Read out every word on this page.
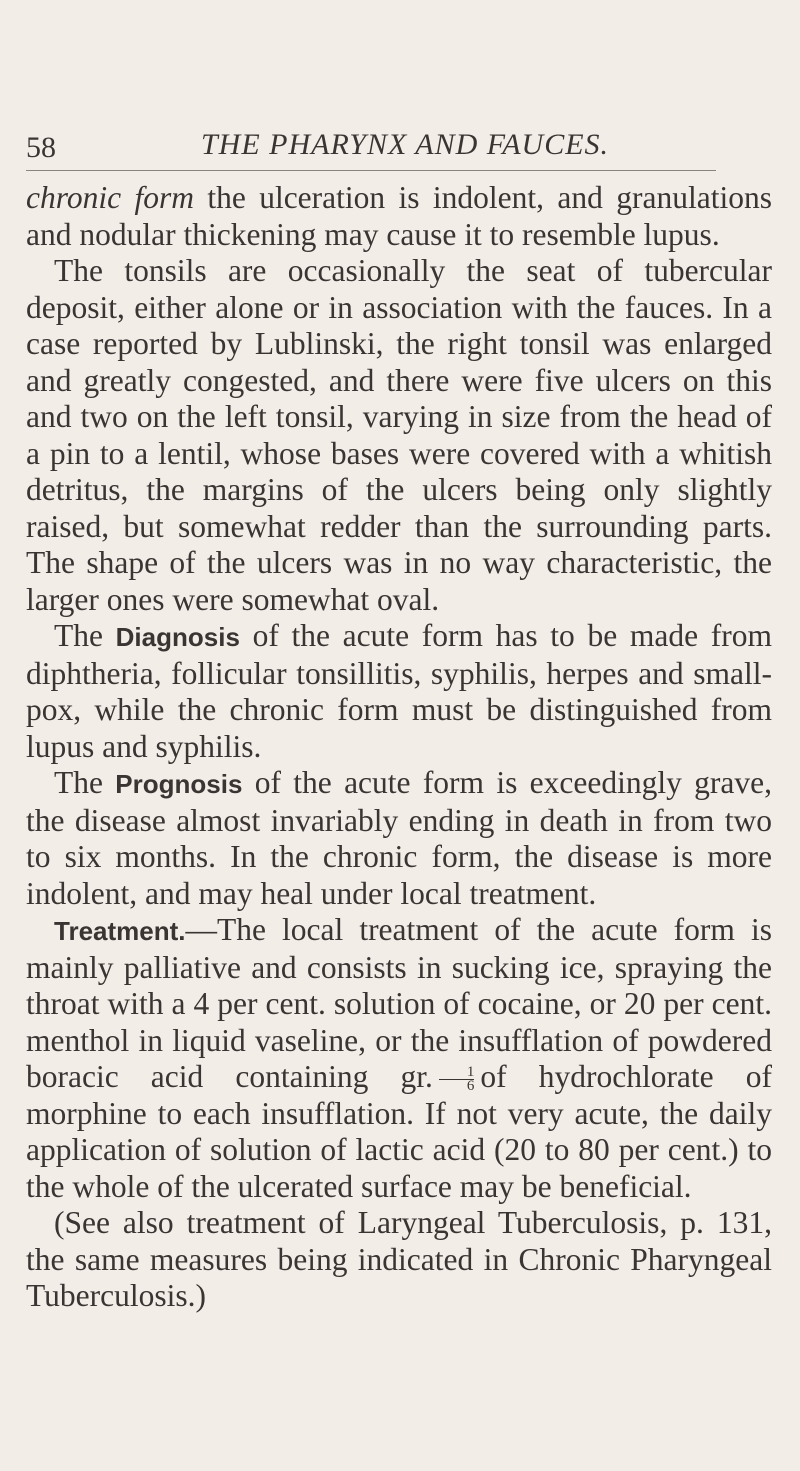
58	THE PHARYNX AND FAUCES.

chronic form the ulceration is indolent, and granulations and nodular thickening may cause it to resemble lupus.

The tonsils are occasionally the seat of tubercular deposit, either alone or in association with the fauces. In a case reported by Lublinski, the right tonsil was enlarged and greatly congested, and there were five ulcers on this and two on the left tonsil, varying in size from the head of a pin to a lentil, whose bases were covered with a whitish detritus, the margins of the ulcers being only slightly raised, but somewhat redder than the surrounding parts. The shape of the ulcers was in no way characteristic, the larger ones were somewhat oval.

The Diagnosis of the acute form has to be made from diphtheria, follicular tonsillitis, syphilis, herpes and small-pox, while the chronic form must be distinguished from lupus and syphilis.

The Prognosis of the acute form is exceedingly grave, the disease almost invariably ending in death in from two to six months. In the chronic form, the disease is more indolent, and may heal under local treatment.

Treatment.—The local treatment of the acute form is mainly palliative and consists in sucking ice, spraying the throat with a 4 per cent. solution of cocaine, or 20 per cent. menthol in liquid vaseline, or the insufflation of powdered boracic acid containing gr. $\frac{1}{6}$ of hydrochlorate of morphine to each insufflation. If not very acute, the daily application of solution of lactic acid (20 to 80 per cent.) to the whole of the ulcerated surface may be beneficial.

(See also treatment of Laryngeal Tuberculosis, p. 131, the same measures being indicated in Chronic Pharyngeal Tuberculosis.)
